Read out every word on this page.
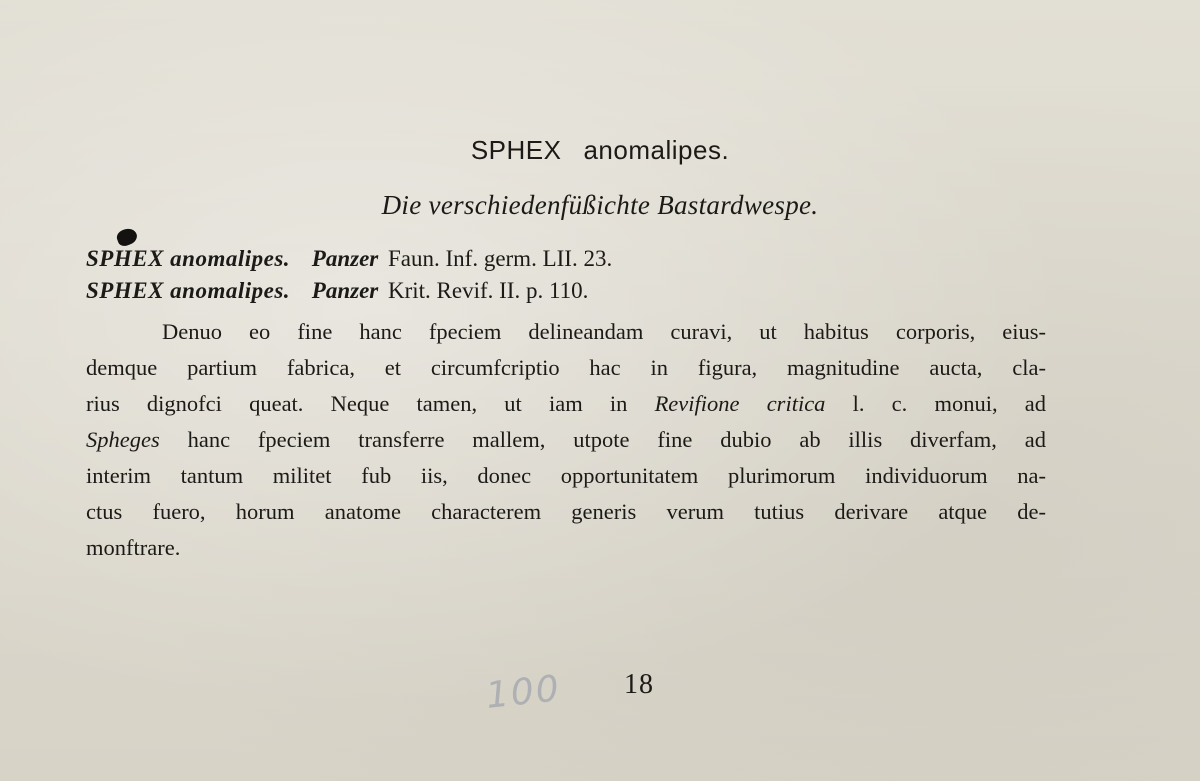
SPHEX anomalipes.
Die verschiedenfüßichte Bastardwespe.
SPHEX anomalipes. Panzer Faun. Inf. germ. LII. 23.
SPHEX anomalipes. Panzer Krit. Revif. II. p. 110.
Denuo eo fine hanc fpeciem delineandam curavi, ut habitus corporis, eius-
demque partium fabrica, et circumfcriptio hac in figura, magnitudine aucta, cla-
rius dignofci queat. Neque tamen, ut iam in Revifione critica l. c. monui, ad
Spheges hanc fpeciem transferre mallem, utpote fine dubio ab illis diverfam, ad
interim tantum militet fub iis, donec opportunitatem plurimorum individuorum na-
ctus fuero, horum anatome characterem generis verum tutius derivare atque de-
monftrare.
100 18
